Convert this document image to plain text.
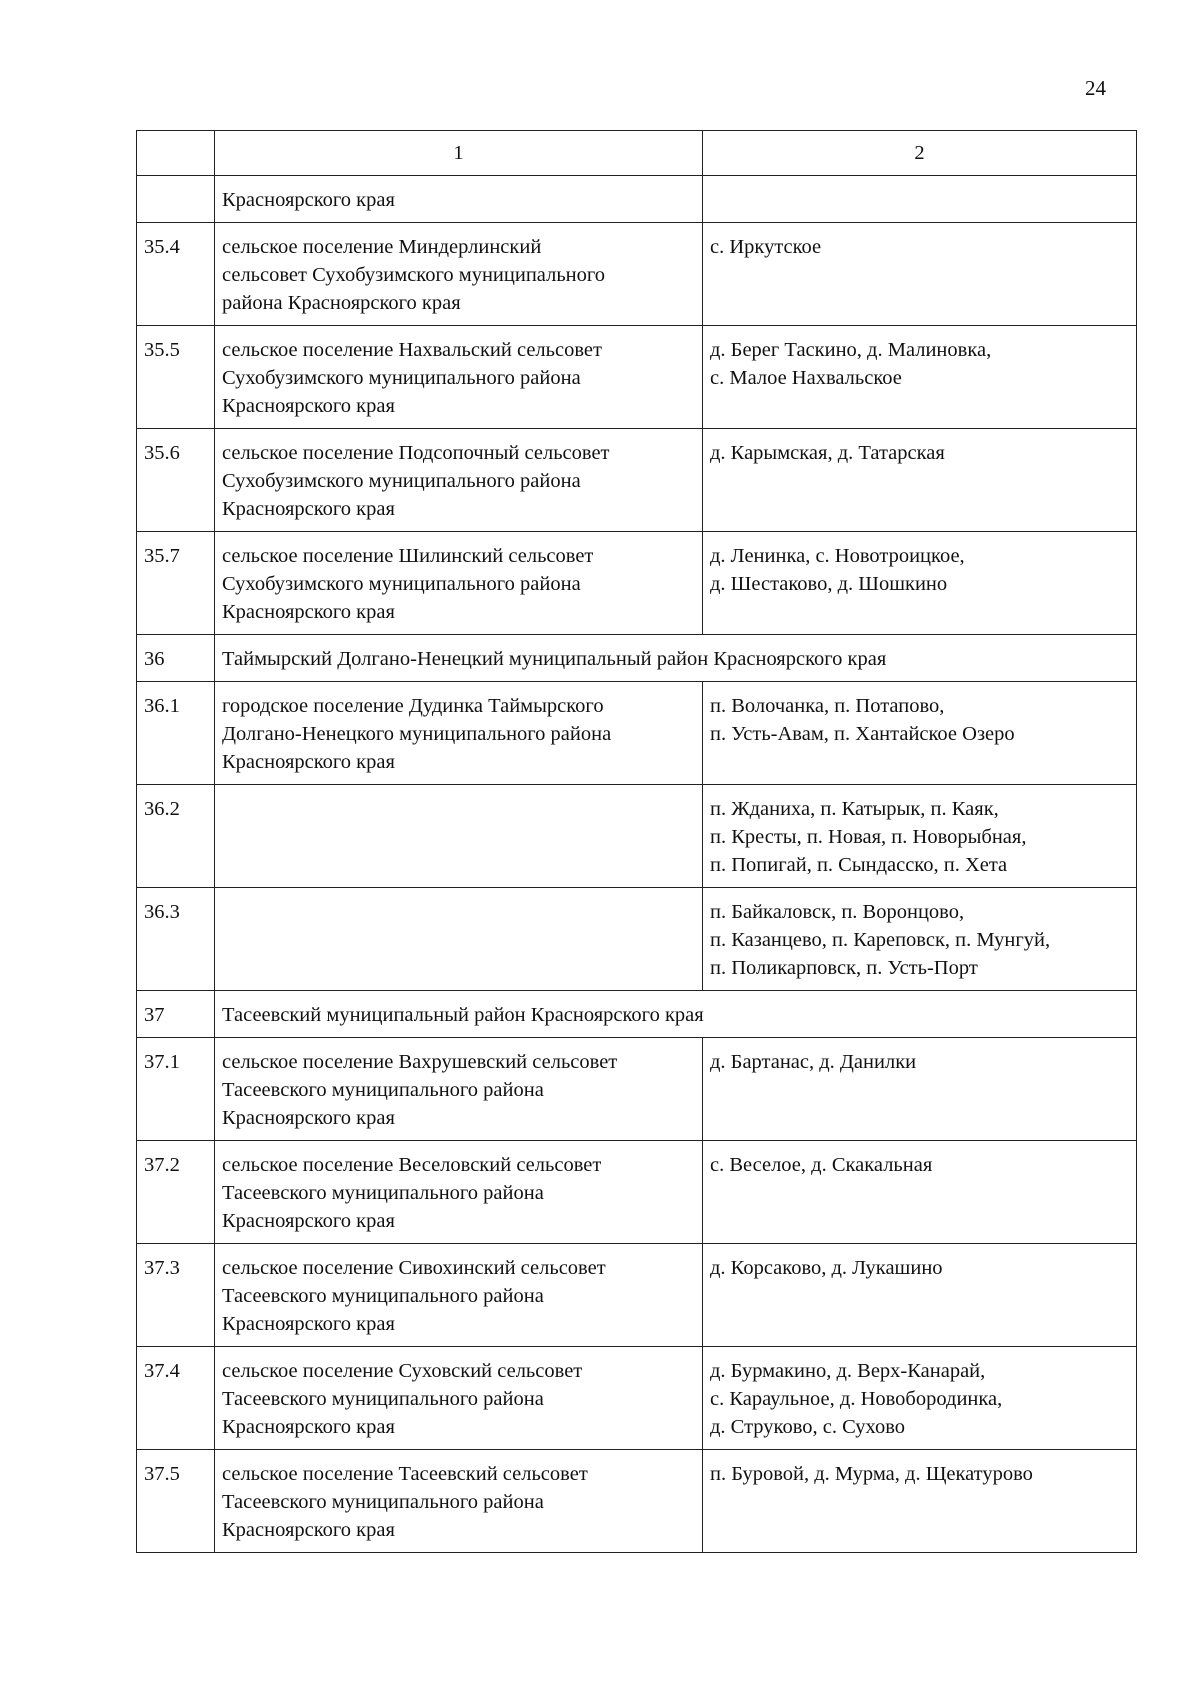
24
	1	2

	Красноярского края	

35.4	сельское поселение Миндерлинский
сельсовет Сухобузимского муниципального
района Красноярского края	с. Иркутское

35.5	сельское поселение Нахвальский сельсовет
Сухобузимского муниципального района
Красноярского края	д. Берег Таскино, д. Малиновка,
с. Малое Нахвальское

35.6	сельское поселение Подсопочный сельсовет
Сухобузимского муниципального района
Красноярского края	д. Карымская, д. Татарская

35.7	сельское поселение Шилинский сельсовет
Сухобузимского муниципального района
Красноярского края	д. Ленинка, с. Новотроицкое,
д. Шестаково, д. Шошкино

36	Таймырский Долгано-Ненецкий муниципальный район Красноярского края	
36.1	городское поселение Дудинка Таймырского
Долгано-Ненецкого муниципального района
Красноярского края	п. Волочанка, п. Потапово,
п. Усть-Авам, п. Хантайское Озеро

36.2		п. Жданиха, п. Катырык, п. Каяк,
п. Кресты, п. Новая, п. Новорыбная,
п. Попигай, п. Сындасско, п. Хета

36.3		п. Байкаловск, п. Воронцово,
п. Казанцево, п. Кареповск, п. Мунгуй,
п. Поликарповск, п. Усть-Порт

37	Тасеевский муниципальный район Красноярского края	
37.1	сельское поселение Вахрушевский сельсовет
Тасеевского муниципального района
Красноярского края	д. Бартанас, д. Данилки

37.2	сельское поселение Веселовский сельсовет
Тасеевского муниципального района
Красноярского края	с. Веселое, д. Скакальная

37.3	сельское поселение Сивохинский сельсовет
Тасеевского муниципального района
Красноярского края	д. Корсаково, д. Лукашино

37.4	сельское поселение Суховский сельсовет
Тасеевского муниципального района
Красноярского края	д. Бурмакино, д. Верх-Канарай,
с. Караульное, д. Новобородинка,
д. Струково, с. Сухово

37.5	сельское поселение Тасеевский сельсовет
Тасеевского муниципального района
Красноярского края	п. Буровой, д. Мурма, д. Щекатурово
